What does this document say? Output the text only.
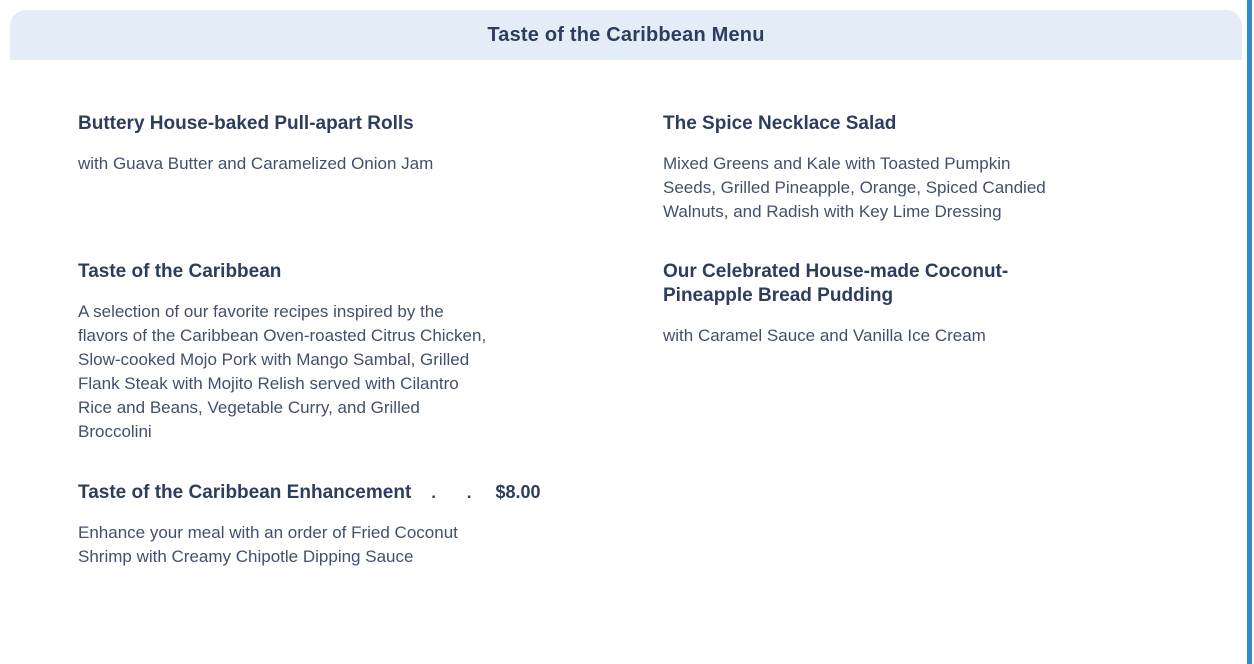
Taste of the Caribbean Menu
Buttery House-baked Pull-apart Rolls

with Guava Butter and Caramelized Onion Jam

The Spice Necklace Salad

Mixed Greens and Kale with Toasted Pumpkin Seeds, Grilled Pineapple, Orange, Spiced Candied Walnuts, and Radish with Key Lime Dressing

Taste of the Caribbean

A selection of our favorite recipes inspired by the flavors of the Caribbean Oven-roasted Citrus Chicken, Slow-cooked Mojo Pork with Mango Sambal, Grilled Flank Steak with Mojito Relish served with Cilantro Rice and Beans, Vegetable Curry, and Grilled Broccolini

Our Celebrated House-made Coconut-Pineapple Bread Pudding

with Caramel Sauce and Vanilla Ice Cream

Taste of the Caribbean Enhancement	. .	$8.00

Enhance your meal with an order of Fried Coconut Shrimp with Creamy Chipotle Dipping Sauce
